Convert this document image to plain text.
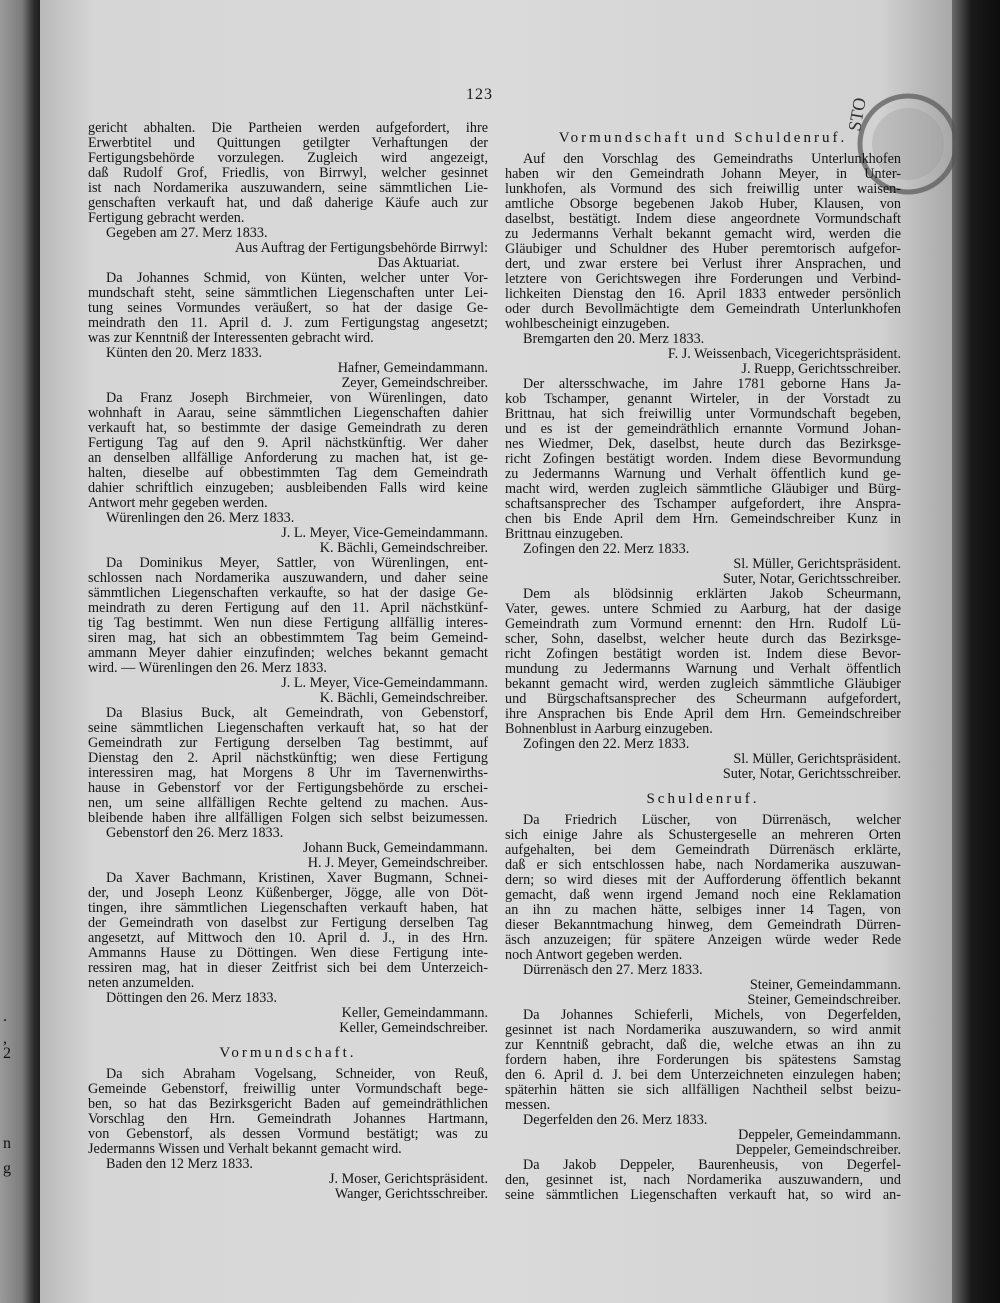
.
,
2
n
g
STO
123
gericht abhalten. Die Partheien werden aufgefordert, ihre
Erwerbtitel und Quittungen getilgter Verhaftungen der
Fertigungsbehörde vorzulegen. Zugleich wird angezeigt,
daß Rudolf Grof, Friedlis, von Birrwyl, welcher gesinnet
ist nach Nordamerika auszuwandern, seine sämmtlichen Lie-
genschaften verkauft hat, und daß daherige Käufe auch zur
Fertigung gebracht werden.
Gegeben am 27. Merz 1833.
Aus Auftrag der Fertigungsbehörde Birrwyl:
Das Aktuariat.
Da Johannes Schmid, von Künten, welcher unter Vor-
mundschaft steht, seine sämmtlichen Liegenschaften unter Lei-
tung seines Vormundes veräußert, so hat der dasige Ge-
meindrath den 11. April d. J. zum Fertigungstag angesetzt;
was zur Kenntniß der Interessenten gebracht wird.
Künten den 20. Merz 1833.
Hafner, Gemeindammann.
Zeyer, Gemeindschreiber.
Da Franz Joseph Birchmeier, von Würenlingen, dato
wohnhaft in Aarau, seine sämmtlichen Liegenschaften dahier
verkauft hat, so bestimmte der dasige Gemeindrath zu deren
Fertigung Tag auf den 9. April nächstkünftig. Wer daher
an denselben allfällige Anforderung zu machen hat, ist ge-
halten, dieselbe auf obbestimmten Tag dem Gemeindrath
dahier schriftlich einzugeben; ausbleibenden Falls wird keine
Antwort mehr gegeben werden.
Würenlingen den 26. Merz 1833.
J. L. Meyer, Vice-Gemeindammann.
K. Bächli, Gemeindschreiber.
Da Dominikus Meyer, Sattler, von Würenlingen, ent-
schlossen nach Nordamerika auszuwandern, und daher seine
sämmtlichen Liegenschaften verkaufte, so hat der dasige Ge-
meindrath zu deren Fertigung auf den 11. April nächstkünf-
tig Tag bestimmt. Wen nun diese Fertigung allfällig interes-
siren mag, hat sich an obbestimmtem Tag beim Gemeind-
ammann Meyer dahier einzufinden; welches bekannt gemacht
wird. — Würenlingen den 26. Merz 1833.
J. L. Meyer, Vice-Gemeindammann.
K. Bächli, Gemeindschreiber.
Da Blasius Buck, alt Gemeindrath, von Gebenstorf,
seine sämmtlichen Liegenschaften verkauft hat, so hat der
Gemeindrath zur Fertigung derselben Tag bestimmt, auf
Dienstag den 2. April nächstkünftig; wen diese Fertigung
interessiren mag, hat Morgens 8 Uhr im Tavernenwirths-
hause in Gebenstorf vor der Fertigungsbehörde zu erschei-
nen, um seine allfälligen Rechte geltend zu machen. Aus-
bleibende haben ihre allfälligen Folgen sich selbst beizumessen.
Gebenstorf den 26. Merz 1833.
Johann Buck, Gemeindammann.
H. J. Meyer, Gemeindschreiber.
Da Xaver Bachmann, Kristinen, Xaver Bugmann, Schnei-
der, und Joseph Leonz Küßenberger, Jögge, alle von Döt-
tingen, ihre sämmtlichen Liegenschaften verkauft haben, hat
der Gemeindrath von daselbst zur Fertigung derselben Tag
angesetzt, auf Mittwoch den 10. April d. J., in des Hrn.
Ammanns Hause zu Döttingen. Wen diese Fertigung inte-
ressiren mag, hat in dieser Zeitfrist sich bei dem Unterzeich-
neten anzumelden.
Döttingen den 26. Merz 1833.
Keller, Gemeindammann.
Keller, Gemeindschreiber.
Vormundschaft.
Da sich Abraham Vogelsang, Schneider, von Reuß,
Gemeinde Gebenstorf, freiwillig unter Vormundschaft bege-
ben, so hat das Bezirksgericht Baden auf gemeindräthlichen
Vorschlag den Hrn. Gemeindrath Johannes Hartmann,
von Gebenstorf, als dessen Vormund bestätigt; was zu
Jedermanns Wissen und Verhalt bekannt gemacht wird.
Baden den 12 Merz 1833.
J. Moser, Gerichtspräsident.
Wanger, Gerichtsschreiber.
Vormundschaft und Schuldenruf.
Auf den Vorschlag des Gemeindraths Unterlunkhofen
haben wir den Gemeindrath Johann Meyer, in Unter-
lunkhofen, als Vormund des sich freiwillig unter waisen-
amtliche Obsorge begebenen Jakob Huber, Klausen, von
daselbst, bestätigt. Indem diese angeordnete Vormundschaft
zu Jedermanns Verhalt bekannt gemacht wird, werden die
Gläubiger und Schuldner des Huber peremtorisch aufgefor-
dert, und zwar erstere bei Verlust ihrer Ansprachen, und
letztere von Gerichtswegen ihre Forderungen und Verbind-
lichkeiten Dienstag den 16. April 1833 entweder persönlich
oder durch Bevollmächtigte dem Gemeindrath Unterlunkhofen
wohlbescheinigt einzugeben.
Bremgarten den 20. Merz 1833.
F. J. Weissenbach, Vicegerichtspräsident.
J. Ruepp, Gerichtsschreiber.
Der altersschwache, im Jahre 1781 geborne Hans Ja-
kob Tschamper, genannt Wirteler, in der Vorstadt zu
Brittnau, hat sich freiwillig unter Vormundschaft begeben,
und es ist der gemeindräthlich ernannte Vormund Johan-
nes Wiedmer, Dek, daselbst, heute durch das Bezirksge-
richt Zofingen bestätigt worden. Indem diese Bevormundung
zu Jedermanns Warnung und Verhalt öffentlich kund ge-
macht wird, werden zugleich sämmtliche Gläubiger und Bürg-
schaftsansprecher des Tschamper aufgefordert, ihre Anspra-
chen bis Ende April dem Hrn. Gemeindschreiber Kunz in
Brittnau einzugeben.
Zofingen den 22. Merz 1833.
Sl. Müller, Gerichtspräsident.
Suter, Notar, Gerichtsschreiber.
Dem als blödsinnig erklärten Jakob Scheurmann,
Vater, gewes. untere Schmied zu Aarburg, hat der dasige
Gemeindrath zum Vormund ernennt: den Hrn. Rudolf Lü-
scher, Sohn, daselbst, welcher heute durch das Bezirksge-
richt Zofingen bestätigt worden ist. Indem diese Bevor-
mundung zu Jedermanns Warnung und Verhalt öffentlich
bekannt gemacht wird, werden zugleich sämmtliche Gläubiger
und Bürgschaftsansprecher des Scheurmann aufgefordert,
ihre Ansprachen bis Ende April dem Hrn. Gemeindschreiber
Bohnenblust in Aarburg einzugeben.
Zofingen den 22. Merz 1833.
Sl. Müller, Gerichtspräsident.
Suter, Notar, Gerichtsschreiber.
Schuldenruf.
Da Friedrich Lüscher, von Dürrenäsch, welcher
sich einige Jahre als Schustergeselle an mehreren Orten
aufgehalten, bei dem Gemeindrath Dürrenäsch erklärte,
daß er sich entschlossen habe, nach Nordamerika auszuwan-
dern; so wird dieses mit der Aufforderung öffentlich bekannt
gemacht, daß wenn irgend Jemand noch eine Reklamation
an ihn zu machen hätte, selbiges inner 14 Tagen, von
dieser Bekanntmachung hinweg, dem Gemeindrath Dürren-
äsch anzuzeigen; für spätere Anzeigen würde weder Rede
noch Antwort gegeben werden.
Dürrenäsch den 27. Merz 1833.
Steiner, Gemeindammann.
Steiner, Gemeindschreiber.
Da Johannes Schieferli, Michels, von Degerfelden,
gesinnet ist nach Nordamerika auszuwandern, so wird anmit
zur Kenntniß gebracht, daß die, welche etwas an ihn zu
fordern haben, ihre Forderungen bis spätestens Samstag
den 6. April d. J. bei dem Unterzeichneten einzulegen haben;
späterhin hätten sie sich allfälligen Nachtheil selbst beizu-
messen.
Degerfelden den 26. Merz 1833.
Deppeler, Gemeindammann.
Deppeler, Gemeindschreiber.
Da Jakob Deppeler, Baurenheusis, von Degerfel-
den, gesinnet ist, nach Nordamerika auszuwandern, und
seine sämmtlichen Liegenschaften verkauft hat, so wird an-
